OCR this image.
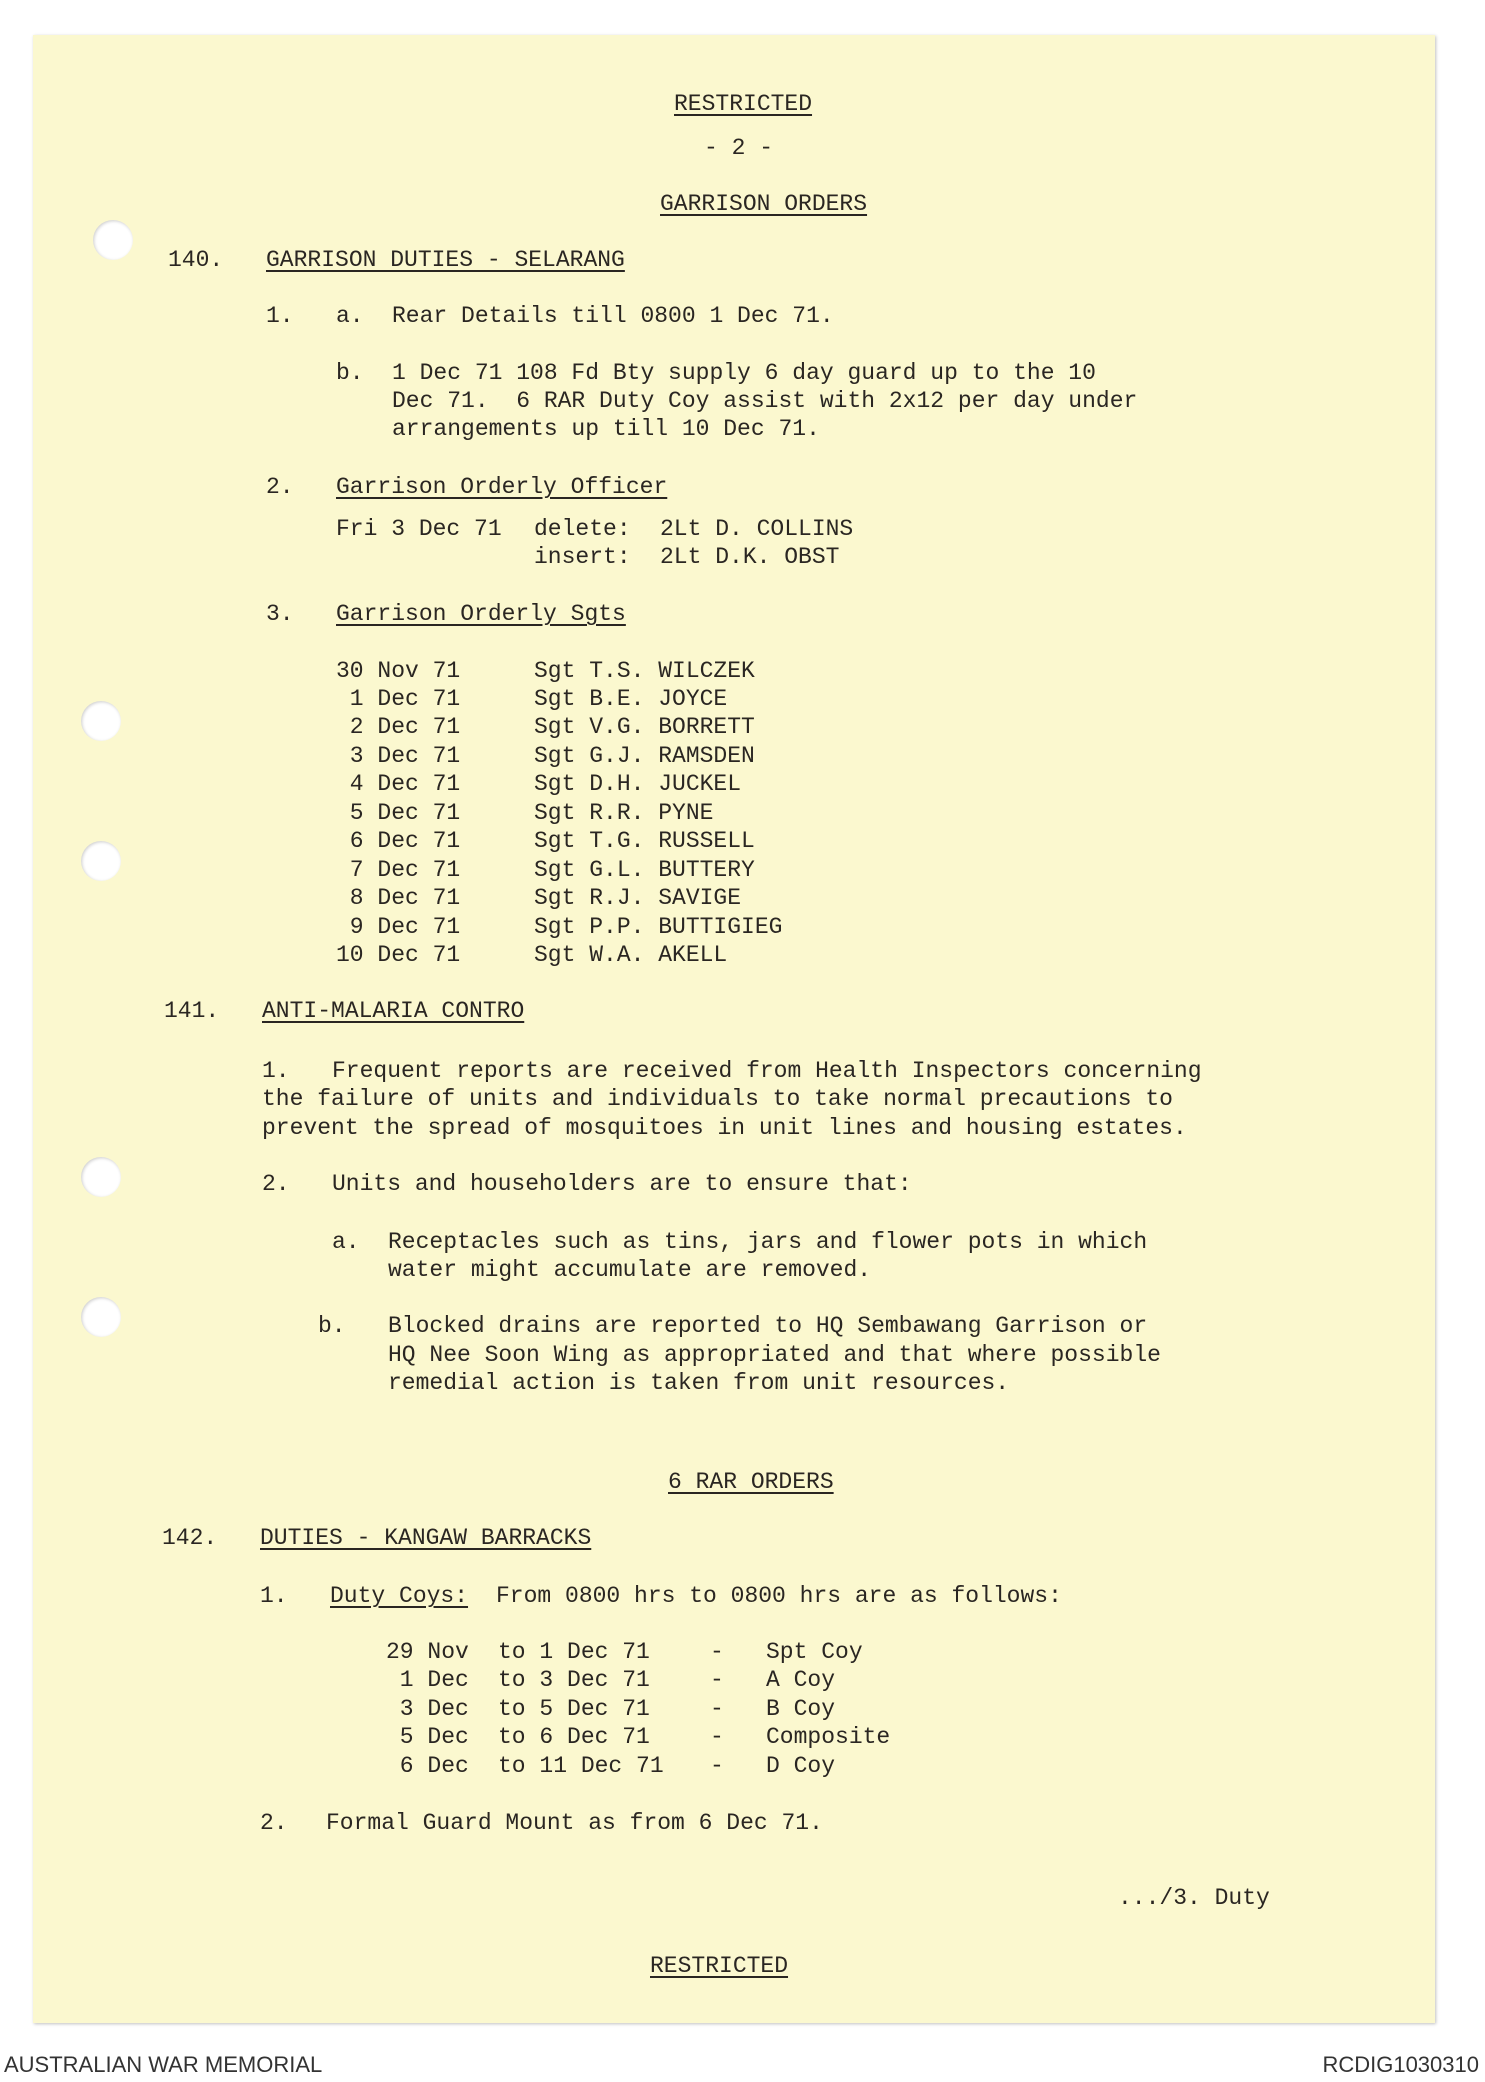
RESTRICTED
- 2 -
GARRISON ORDERS
140. GARRISON DUTIES - SELARANG
1. a. Rear Details till 0800 1 Dec 71.
b. 1 Dec 71 108 Fd Bty supply 6 day guard up to the 10
Dec 71.  6 RAR Duty Coy assist with 2x12 per day under
arrangements up till 10 Dec 71.
2. Garrison Orderly Officer
Fri 3 Dec 71 delete: 2Lt D. COLLINS
insert: 2Lt D.K. OBST
3. Garrison Orderly Sgts
30 Nov 71	Sgt T.S. WILCZEK
1 Dec 71	Sgt B.E. JOYCE
2 Dec 71	Sgt V.G. BORRETT
3 Dec 71	Sgt G.J. RAMSDEN
4 Dec 71	Sgt D.H. JUCKEL
5 Dec 71	Sgt R.R. PYNE
6 Dec 71	Sgt T.G. RUSSELL
7 Dec 71	Sgt G.L. BUTTERY
8 Dec 71	Sgt R.J. SAVIGE
9 Dec 71	Sgt P.P. BUTTIGIEG
10 Dec 71	Sgt W.A. AKELL
141. ANTI-MALARIA CONTRO
1. Frequent reports are received from Health Inspectors concerning
the failure of units and individuals to take normal precautions to
prevent the spread of mosquitoes in unit lines and housing estates.
2. Units and householders are to ensure that:
a. Receptacles such as tins, jars and flower pots in which
water might accumulate are removed.
b. Blocked drains are reported to HQ Sembawang Garrison or
HQ Nee Soon Wing as appropriated and that where possible
remedial action is taken from unit resources.
6 RAR ORDERS
142. DUTIES - KANGAW BARRACKS
1. Duty Coys: From 0800 hrs to 0800 hrs are as follows:
29 Nov to 1 Dec 71	- Spt Coy
1 Dec to 3 Dec 71	- A Coy
3 Dec to 5 Dec 71	- B Coy
5 Dec to 6 Dec 71	- Composite
6 Dec to 11 Dec 71 - D Coy
2. Formal Guard Mount as from 6 Dec 71.
.../3. Duty
RESTRICTED
AUSTRALIAN WAR MEMORIAL	RCDIG1030310
